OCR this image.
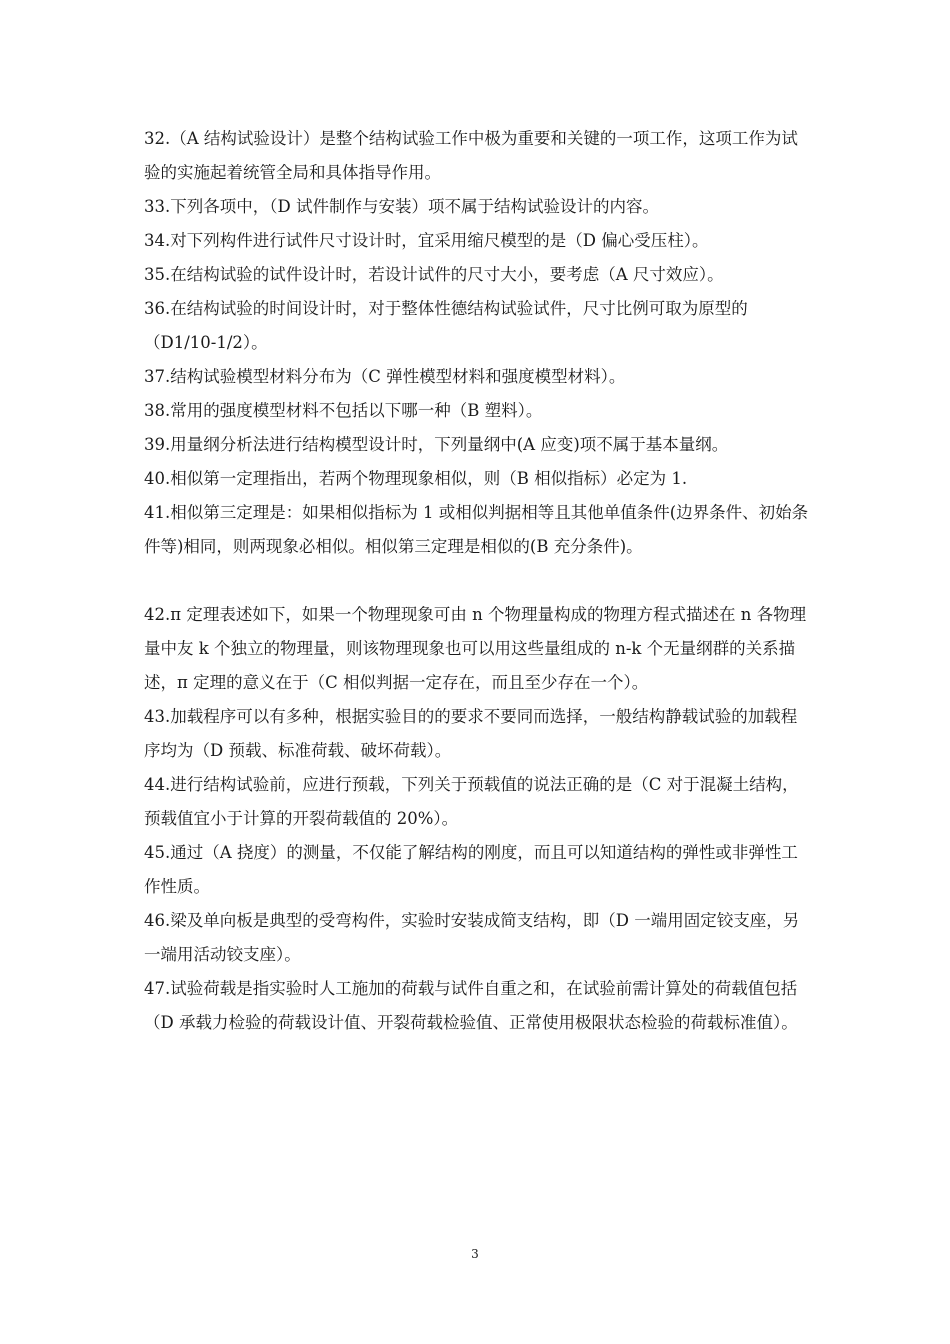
32.（A 结构试验设计）是整个结构试验工作中极为重要和关键的一项工作，这项工作为试验的实施起着统管全局和具体指导作用。

33.下列各项中，（D 试件制作与安装）项不属于结构试验设计的内容。

34.对下列构件进行试件尺寸设计时，宜采用缩尺模型的是（D 偏心受压柱）。

35.在结构试验的试件设计时，若设计试件的尺寸大小，要考虑（A 尺寸效应）。

36.在结构试验的时间设计时，对于整体性德结构试验试件，尺寸比例可取为原型的（D1/10-1/2）。

37.结构试验模型材料分布为（C 弹性模型材料和强度模型材料）。

38.常用的强度模型材料不包括以下哪一种（B 塑料）。

39.用量纲分析法进行结构模型设计时，下列量纲中(A 应变)项不属于基本量纲。

40.相似第一定理指出，若两个物理现象相似，则（B 相似指标）必定为 1.

41.相似第三定理是：如果相似指标为 1 或相似判据相等且其他单值条件(边界条件、初始条件等)相同，则两现象必相似。相似第三定理是相似的(B 充分条件)。

42.π 定理表述如下，如果一个物理现象可由 n 个物理量构成的物理方程式描述在 n 各物理量中友 k 个独立的物理量，则该物理现象也可以用这些量组成的 n-k 个无量纲群的关系描述，π 定理的意义在于（C 相似判据一定存在，而且至少存在一个）。

43.加载程序可以有多种，根据实验目的的要求不要同而选择，一般结构静载试验的加载程序均为（D 预载、标准荷载、破坏荷载）。

44.进行结构试验前，应进行预载，下列关于预载值的说法正确的是（C 对于混凝土结构，预载值宜小于计算的开裂荷载值的 20%）。

45.通过（A 挠度）的测量，不仅能了解结构的刚度，而且可以知道结构的弹性或非弹性工作性质。

46.梁及单向板是典型的受弯构件，实验时安装成简支结构，即（D 一端用固定铰支座，另一端用活动铰支座）。

47.试验荷载是指实验时人工施加的荷载与试件自重之和，在试验前需计算处的荷载值包括（D 承载力检验的荷载设计值、开裂荷载检验值、正常使用极限状态检验的荷载标准值）。

3
